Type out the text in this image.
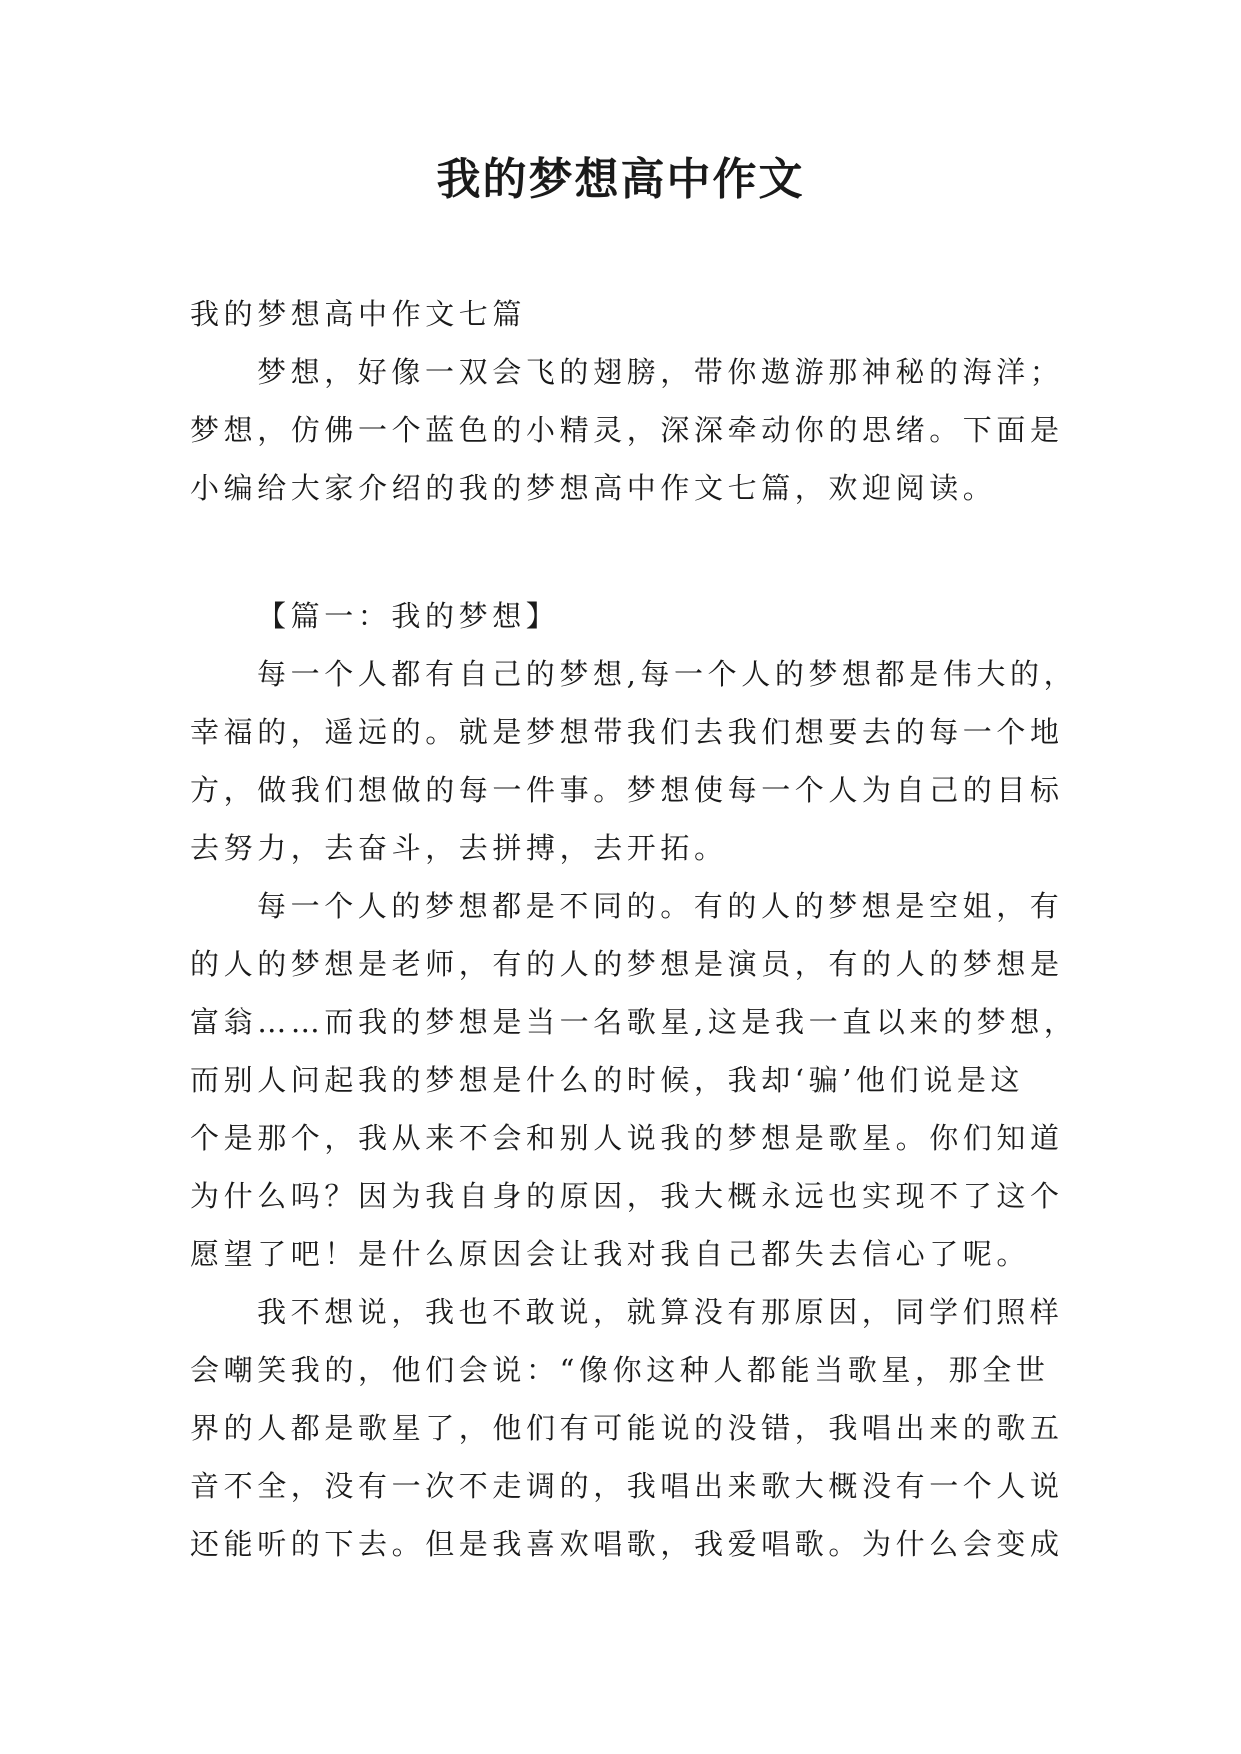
我的梦想高中作文
我的梦想高中作文七篇
梦想，好像一双会飞的翅膀，带你遨游那神秘的海洋；
梦想，仿佛一个蓝色的小精灵，深深牵动你的思绪。下面是
小编给大家介绍的我的梦想高中作文七篇，欢迎阅读。
【篇一：我的梦想】
每一个人都有自己的梦想,每一个人的梦想都是伟大的，
幸福的，遥远的。就是梦想带我们去我们想要去的每一个地
方，做我们想做的每一件事。梦想使每一个人为自己的目标
去努力，去奋斗，去拼搏，去开拓。
每一个人的梦想都是不同的。有的人的梦想是空姐，有
的人的梦想是老师，有的人的梦想是演员，有的人的梦想是
富翁……而我的梦想是当一名歌星,这是我一直以来的梦想，
而别人问起我的梦想是什么的时候，我却‘骗’他们说是这
个是那个，我从来不会和别人说我的梦想是歌星。你们知道
为什么吗？因为我自身的原因，我大概永远也实现不了这个
愿望了吧！是什么原因会让我对我自己都失去信心了呢。
我不想说，我也不敢说，就算没有那原因，同学们照样
会嘲笑我的，他们会说：“像你这种人都能当歌星，那全世
界的人都是歌星了，他们有可能说的没错，我唱出来的歌五
音不全，没有一次不走调的，我唱出来歌大概没有一个人说
还能听的下去。但是我喜欢唱歌，我爱唱歌。为什么会变成
